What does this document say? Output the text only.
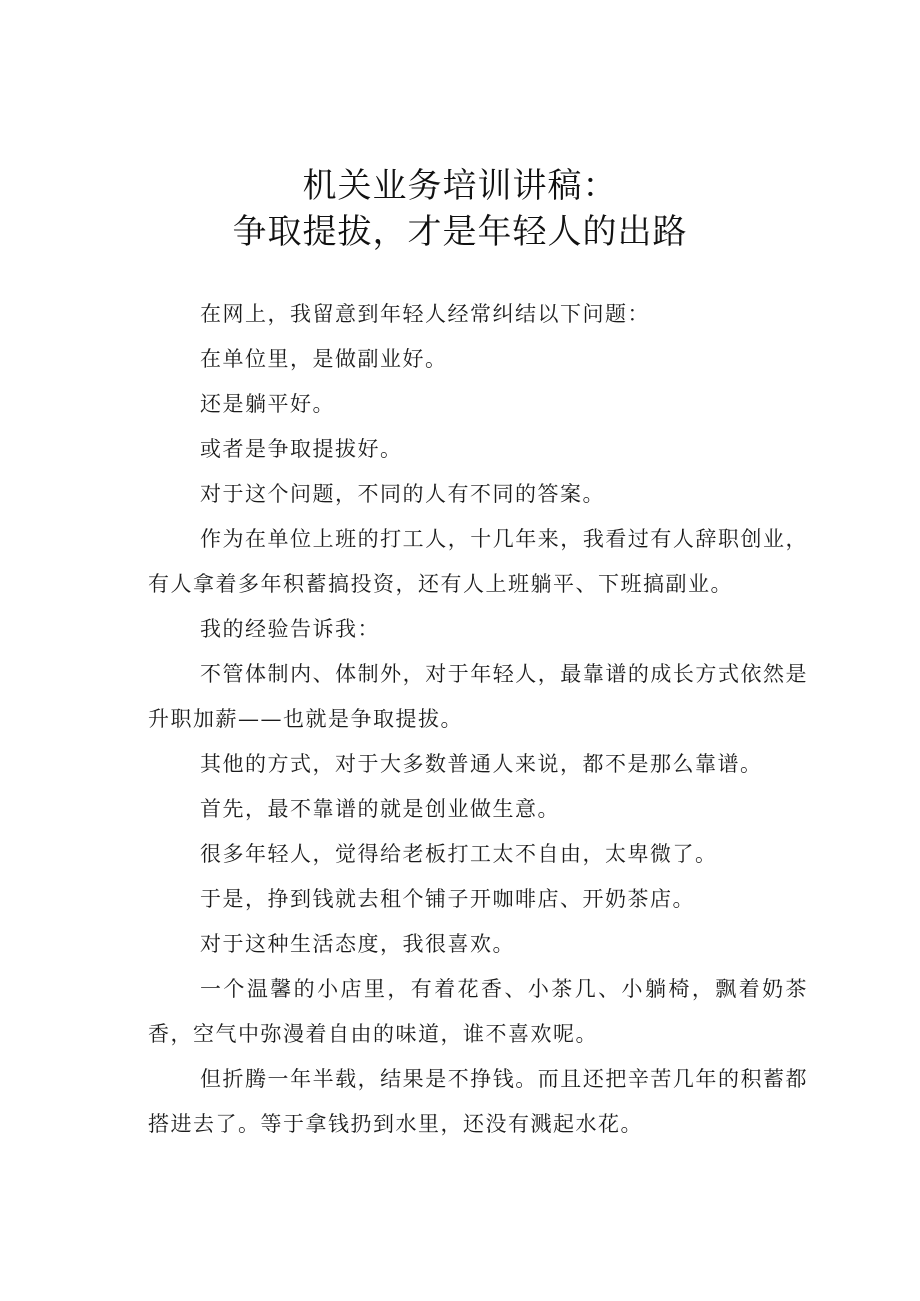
机关业务培训讲稿：
争取提拔，才是年轻人的出路

在网上，我留意到年轻人经常纠结以下问题：

在单位里，是做副业好。

还是躺平好。

或者是争取提拔好。

对于这个问题，不同的人有不同的答案。

作为在单位上班的打工人，十几年来，我看过有人辞职创业，有人拿着多年积蓄搞投资，还有人上班躺平、下班搞副业。

我的经验告诉我：

不管体制内、体制外，对于年轻人，最靠谱的成长方式依然是升职加薪——也就是争取提拔。

其他的方式，对于大多数普通人来说，都不是那么靠谱。

首先，最不靠谱的就是创业做生意。

很多年轻人，觉得给老板打工太不自由，太卑微了。

于是，挣到钱就去租个铺子开咖啡店、开奶茶店。

对于这种生活态度，我很喜欢。

一个温馨的小店里，有着花香、小茶几、小躺椅，飘着奶茶香，空气中弥漫着自由的味道，谁不喜欢呢。

但折腾一年半载，结果是不挣钱。而且还把辛苦几年的积蓄都搭进去了。等于拿钱扔到水里，还没有溅起水花。
